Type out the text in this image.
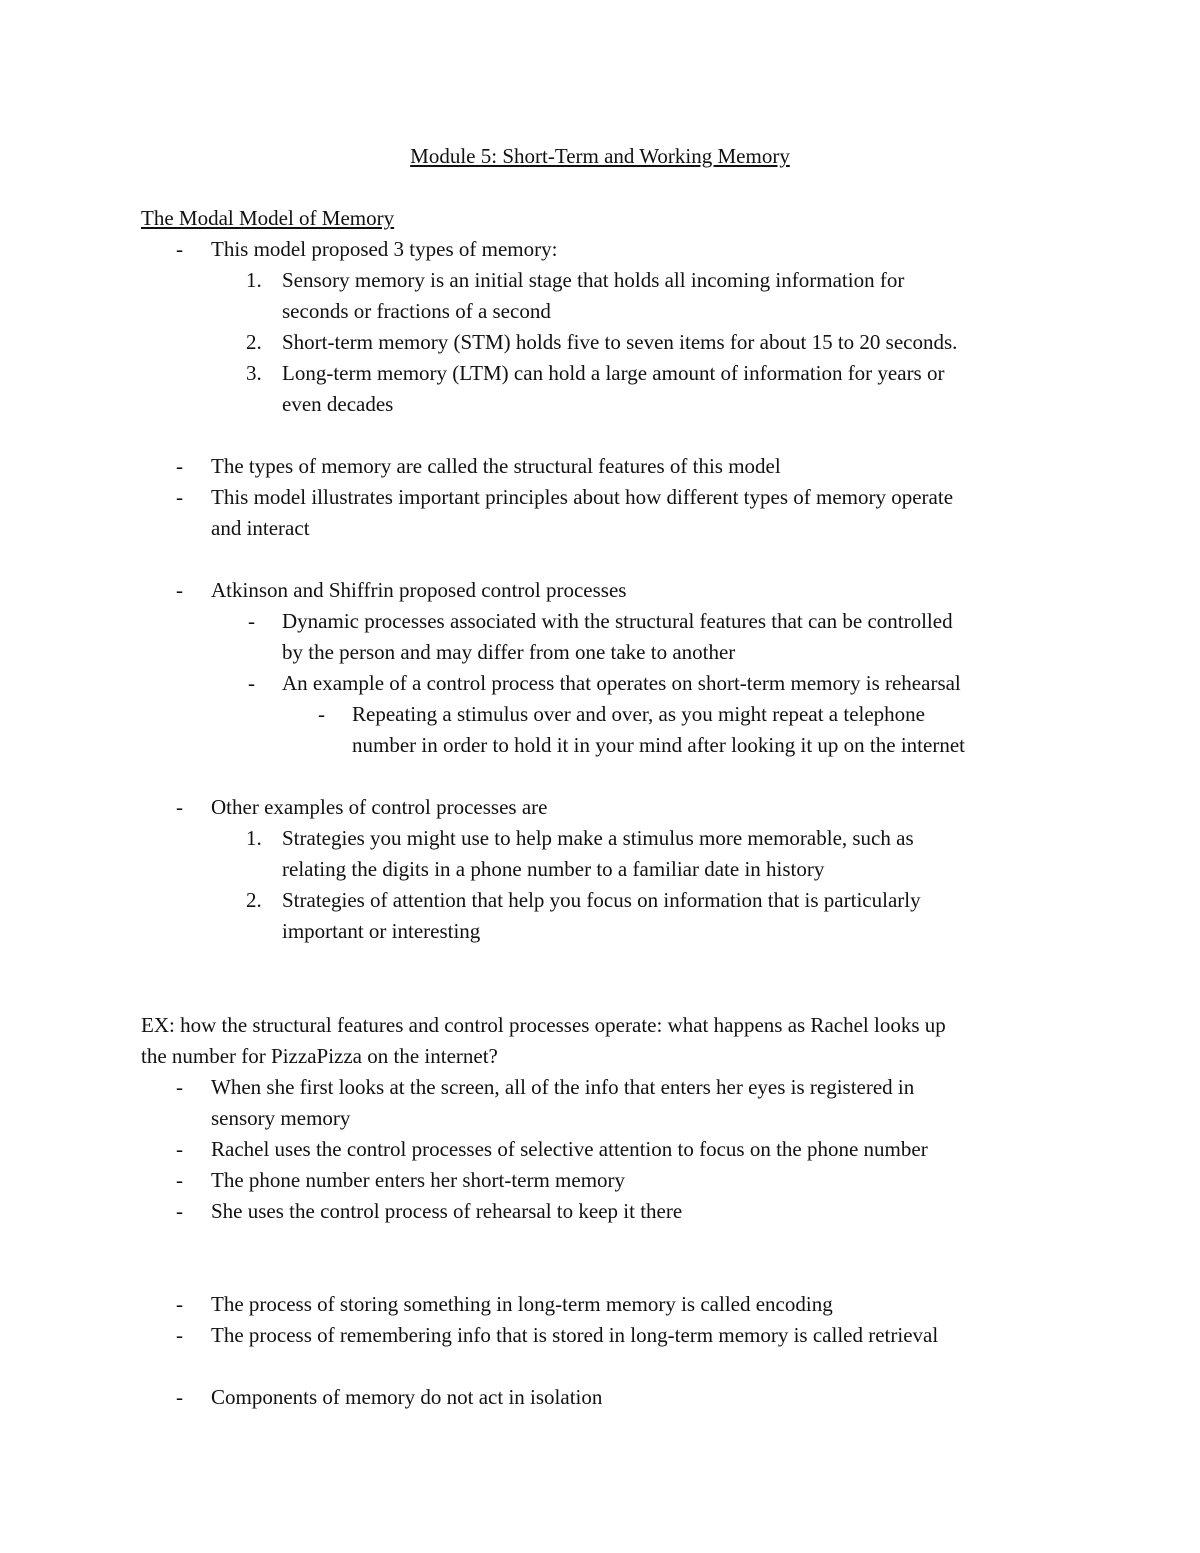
Module 5: Short-Term and Working Memory
The Modal Model of Memory
- This model proposed 3 types of memory:
1. Sensory memory is an initial stage that holds all incoming information for
seconds or fractions of a second
2. Short-term memory (STM) holds five to seven items for about 15 to 20 seconds.
3. Long-term memory (LTM) can hold a large amount of information for years or
even decades
- The types of memory are called the structural features of this model
- This model illustrates important principles about how different types of memory operate
and interact
- Atkinson and Shiffrin proposed control processes
- Dynamic processes associated with the structural features that can be controlled
by the person and may differ from one take to another
- An example of a control process that operates on short-term memory is rehearsal
- Repeating a stimulus over and over, as you might repeat a telephone
number in order to hold it in your mind after looking it up on the internet
- Other examples of control processes are
1. Strategies you might use to help make a stimulus more memorable, such as
relating the digits in a phone number to a familiar date in history
2. Strategies of attention that help you focus on information that is particularly
important or interesting
EX: how the structural features and control processes operate: what happens as Rachel looks up
the number for PizzaPizza on the internet?
- When she first looks at the screen, all of the info that enters her eyes is registered in
sensory memory
- Rachel uses the control processes of selective attention to focus on the phone number
- The phone number enters her short-term memory
- She uses the control process of rehearsal to keep it there
- The process of storing something in long-term memory is called encoding
- The process of remembering info that is stored in long-term memory is called retrieval
- Components of memory do not act in isolation
